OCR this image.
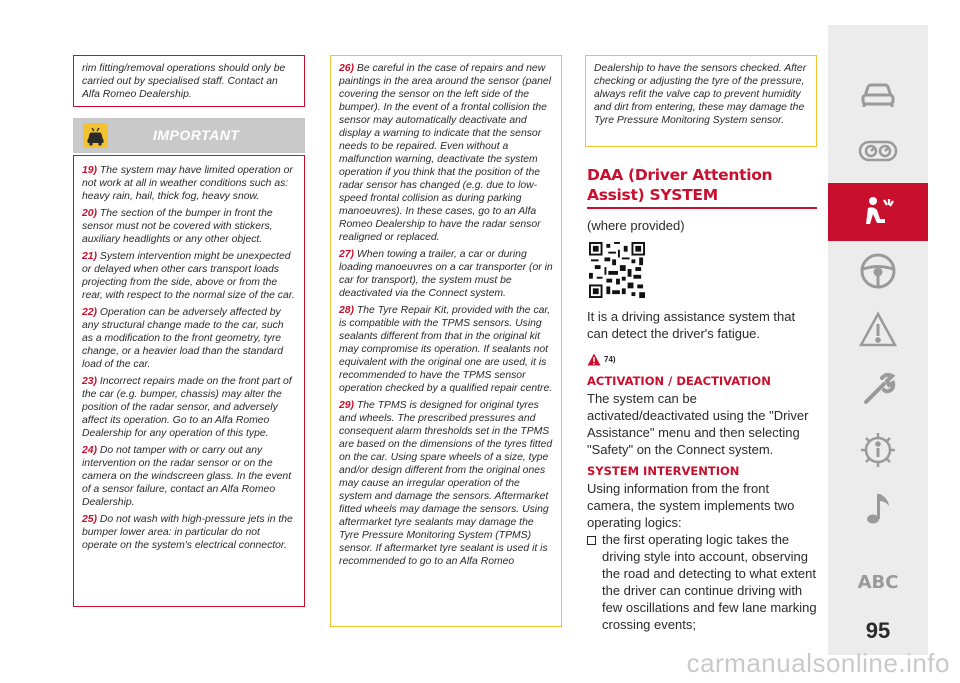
rim fitting/removal operations should only be carried out by specialised staff. Contact an Alfa Romeo Dealership.

IMPORTANT

19) The system may have limited operation or not work at all in weather conditions such as: heavy rain, hail, thick fog, heavy snow.

20) The section of the bumper in front the sensor must not be covered with stickers, auxiliary headlights or any other object.

21) System intervention might be unexpected or delayed when other cars transport loads projecting from the side, above or from the rear, with respect to the normal size of the car.

22) Operation can be adversely affected by any structural change made to the car, such as a modification to the front geometry, tyre change, or a heavier load than the standard load of the car.

23) Incorrect repairs made on the front part of the car (e.g. bumper, chassis) may alter the position of the radar sensor, and adversely affect its operation. Go to an Alfa Romeo Dealership for any operation of this type.

24) Do not tamper with or carry out any intervention on the radar sensor or on the camera on the windscreen glass. In the event of a sensor failure, contact an Alfa Romeo Dealership.

25) Do not wash with high-pressure jets in the bumper lower area: in particular do not operate on the system's electrical connector.

26) Be careful in the case of repairs and new paintings in the area around the sensor (panel covering the sensor on the left side of the bumper). In the event of a frontal collision the sensor may automatically deactivate and display a warning to indicate that the sensor needs to be repaired. Even without a malfunction warning, deactivate the system operation if you think that the position of the radar sensor has changed (e.g. due to low-speed frontal collision as during parking manoeuvres). In these cases, go to an Alfa Romeo Dealership to have the radar sensor realigned or replaced.

27) When towing a trailer, a car or during loading manoeuvres on a car transporter (or in car for transport), the system must be deactivated via the Connect system.

28) The Tyre Repair Kit, provided with the car, is compatible with the TPMS sensors. Using sealants different from that in the original kit may compromise its operation. If sealants not equivalent with the original one are used, it is recommended to have the TPMS sensor operation checked by a qualified repair centre.

29) The TPMS is designed for original tyres and wheels. The prescribed pressures and consequent alarm thresholds set in the TPMS are based on the dimensions of the tyres fitted on the car. Using spare wheels of a size, type and/or design different from the original ones may cause an irregular operation of the system and damage the sensors. Aftermarket fitted wheels may damage the sensors. Using aftermarket tyre sealants may damage the Tyre Pressure Monitoring System (TPMS) sensor. If aftermarket tyre sealant is used it is recommended to go to an Alfa Romeo

Dealership to have the sensors checked. After checking or adjusting the tyre of the pressure, always refit the valve cap to prevent humidity and dirt from entering, these may damage the Tyre Pressure Monitoring System sensor.

DAA (Driver Attention Assist) SYSTEM

(where provided)

It is a driving assistance system that can detect the driver's fatigue.

74)
ACTIVATION / DEACTIVATION

The system can be activated/deactivated using the "Driver Assistance" menu and then selecting "Safety" on the Connect system.

SYSTEM INTERVENTION

Using information from the front camera, the system implements two operating logics:

the first operating logic takes the driving style into account, observing the road and detecting to what extent the driver can continue driving with few oscillations and few lane marking crossing events;
ABC
95
carmanualsonline.info
